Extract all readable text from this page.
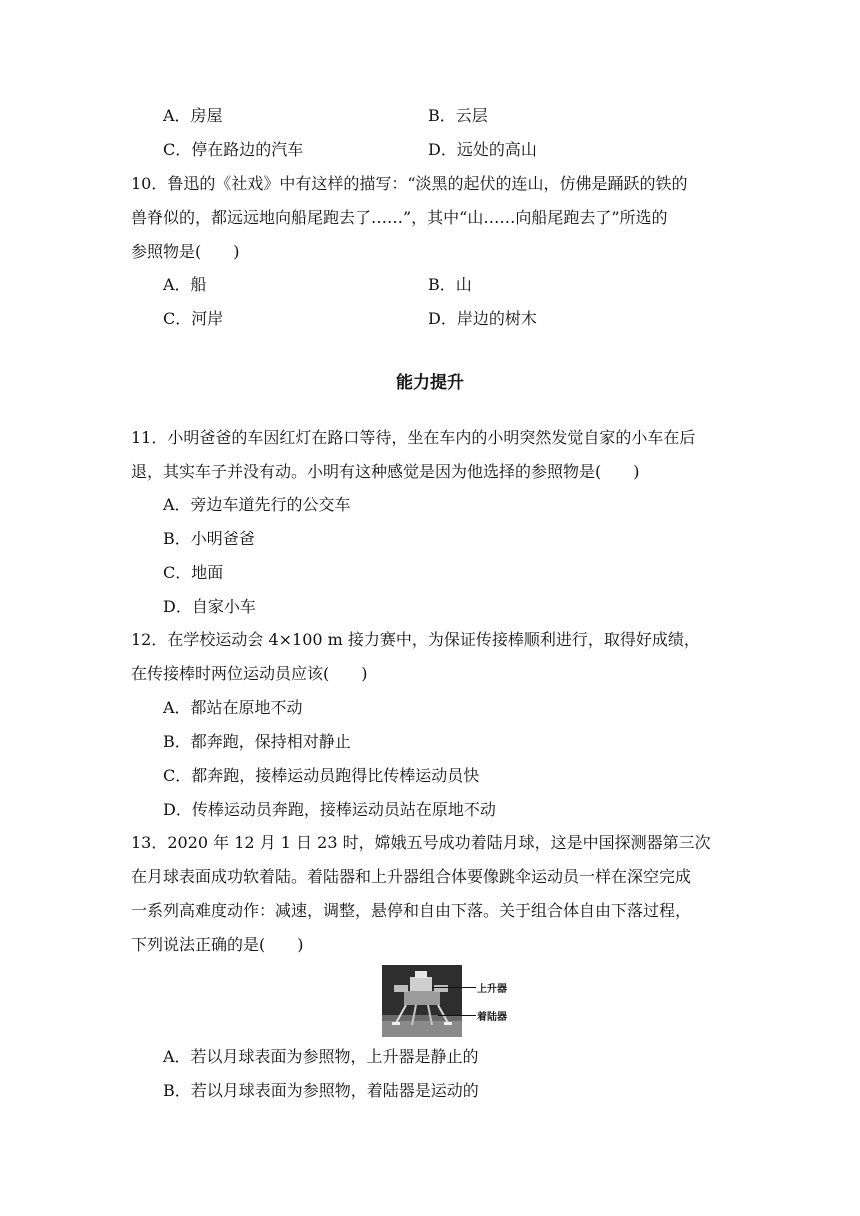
A．房屋	B．云层
C．停在路边的汽车	D．远处的高山
10．鲁迅的《社戏》中有这样的描写：“淡黑的起伏的连山，仿佛是踊跃的铁的
兽脊似的，都远远地向船尾跑去了……”，其中“山……向船尾跑去了”所选的
参照物是(　　)
A．船	B．山
C．河岸	D．岸边的树木
能力提升
11．小明爸爸的车因红灯在路口等待，坐在车内的小明突然发觉自家的小车在后
退，其实车子并没有动。小明有这种感觉是因为他选择的参照物是(　　)
A．旁边车道先行的公交车
B．小明爸爸
C．地面
D．自家小车
12．在学校运动会 4×100 m 接力赛中，为保证传接棒顺利进行，取得好成绩，
在传接棒时两位运动员应该(　　)
A．都站在原地不动
B．都奔跑，保持相对静止
C．都奔跑，接棒运动员跑得比传棒运动员快
D．传棒运动员奔跑，接棒运动员站在原地不动
13．2020 年 12 月 1 日 23 时，嫦娥五号成功着陆月球，这是中国探测器第三次
在月球表面成功软着陆。着陆器和上升器组合体要像跳伞运动员一样在深空完成
一系列高难度动作：减速，调整，悬停和自由下落。关于组合体自由下落过程，
下列说法正确的是(　　)
上升器
着陆器
A．若以月球表面为参照物，上升器是静止的
B．若以月球表面为参照物，着陆器是运动的
